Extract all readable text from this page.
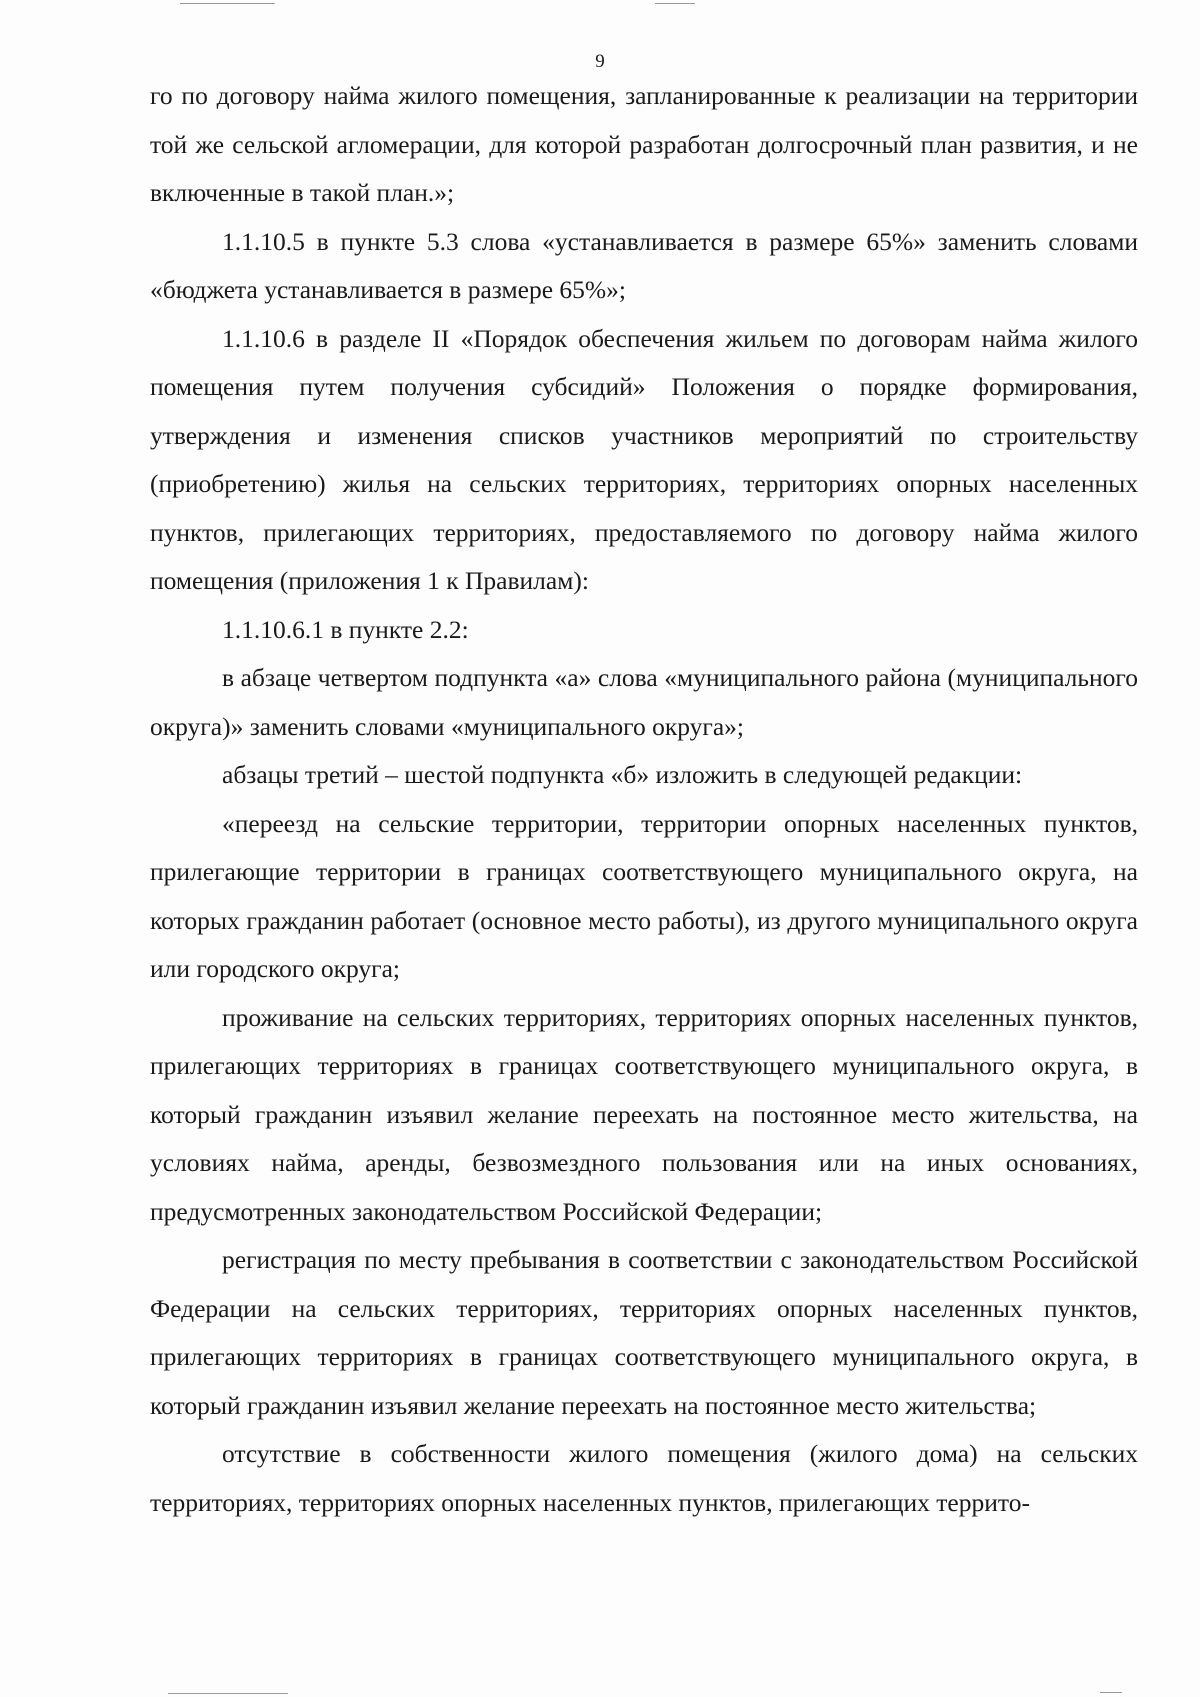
9

го по договору найма жилого помещения, запланированные к реализации на территории той же сельской агломерации, для которой разработан долгосрочный план развития, и не включенные в такой план.»;

1.1.10.5 в пункте 5.3 слова «устанавливается в размере 65%» заменить словами «бюджета устанавливается в размере 65%»;

1.1.10.6 в разделе II «Порядок обеспечения жильем по договорам найма жилого помещения путем получения субсидий» Положения о порядке формирования, утверждения и изменения списков участников мероприятий по строительству (приобретению) жилья на сельских территориях, территориях опорных населенных пунктов, прилегающих территориях, предоставляемого по договору найма жилого помещения (приложения 1 к Правилам):

1.1.10.6.1 в пункте 2.2:

в абзаце четвертом подпункта «а» слова «муниципального района (муниципального округа)» заменить словами «муниципального округа»;

абзацы третий – шестой подпункта «б» изложить в следующей редакции:

«переезд на сельские территории, территории опорных населенных пунктов, прилегающие территории в границах соответствующего муниципального округа, на которых гражданин работает (основное место работы), из другого муниципального округа или городского округа;

проживание на сельских территориях, территориях опорных населенных пунктов, прилегающих территориях в границах соответствующего муниципального округа, в который гражданин изъявил желание переехать на постоянное место жительства, на условиях найма, аренды, безвозмездного пользования или на иных основаниях, предусмотренных законодательством Российской Федерации;

регистрация по месту пребывания в соответствии с законодательством Российской Федерации на сельских территориях, территориях опорных населенных пунктов, прилегающих территориях в границах соответствующего муниципального округа, в который гражданин изъявил желание переехать на постоянное место жительства;

отсутствие в собственности жилого помещения (жилого дома) на сельских территориях, территориях опорных населенных пунктов, прилегающих террито-
